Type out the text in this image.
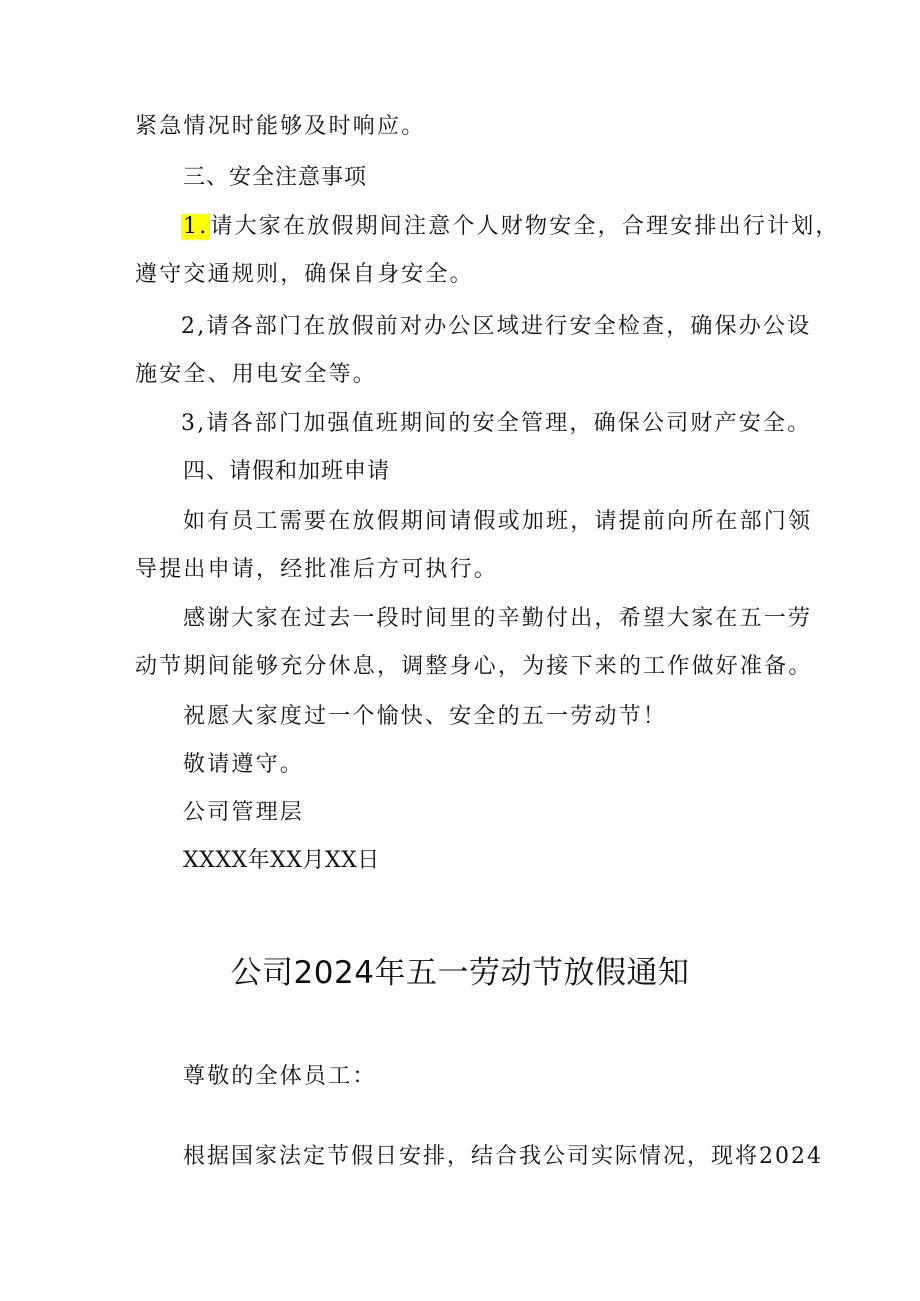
紧急情况时能够及时响应。
三、安全注意事项
1.请大家在放假期间注意个人财物安全，合理安排出行计划，
遵守交通规则，确保自身安全。
2,请各部门在放假前对办公区域进行安全检查，确保办公设
施安全、用电安全等。
3,请各部门加强值班期间的安全管理，确保公司财产安全。
四、请假和加班申请
如有员工需要在放假期间请假或加班，请提前向所在部门领
导提出申请，经批准后方可执行。
感谢大家在过去一段时间里的辛勤付出，希望大家在五一劳
动节期间能够充分休息，调整身心，为接下来的工作做好准备。
祝愿大家度过一个愉快、安全的五一劳动节！
敬请遵守。
公司管理层
XXXX年XX月XX日
公司2024年五一劳动节放假通知
尊敬的全体员工：
根据国家法定节假日安排，结合我公司实际情况，现将2024
